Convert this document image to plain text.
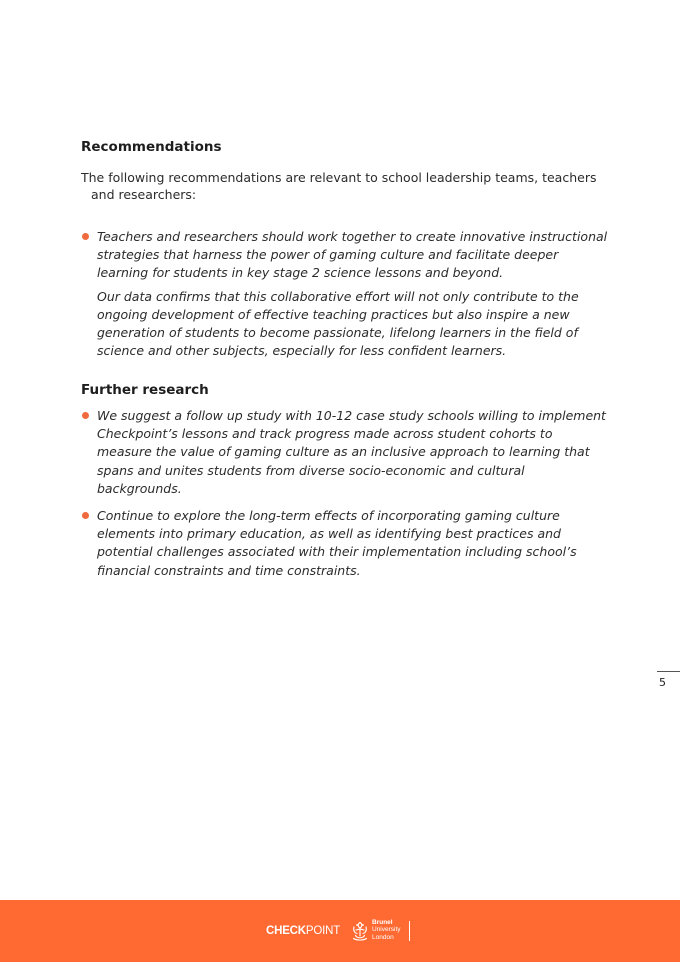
Recommendations

The following recommendations are relevant to school leadership teams, teachers and researchers:

Teachers and researchers should work together to create innovative instructional strategies that harness the power of gaming culture and facilitate deeper learning for students in key stage 2 science lessons and beyond.

Our data confirms that this collaborative effort will not only contribute to the ongoing development of effective teaching practices but also inspire a new generation of students to become passionate, lifelong learners in the field of science and other subjects, especially for less confident learners.

Further research

We suggest a follow up study with 10-12 case study schools willing to implement Checkpoint’s lessons and track progress made across student cohorts to measure the value of gaming culture as an inclusive approach to learning that spans and unites students from diverse socio-economic and cultural backgrounds.

Continue to explore the long-term effects of incorporating gaming culture elements into primary education, as well as identifying best practices and potential challenges associated with their implementation including school’s financial constraints and time constraints.

5
CHECKPOINT
Brunel
University
London
